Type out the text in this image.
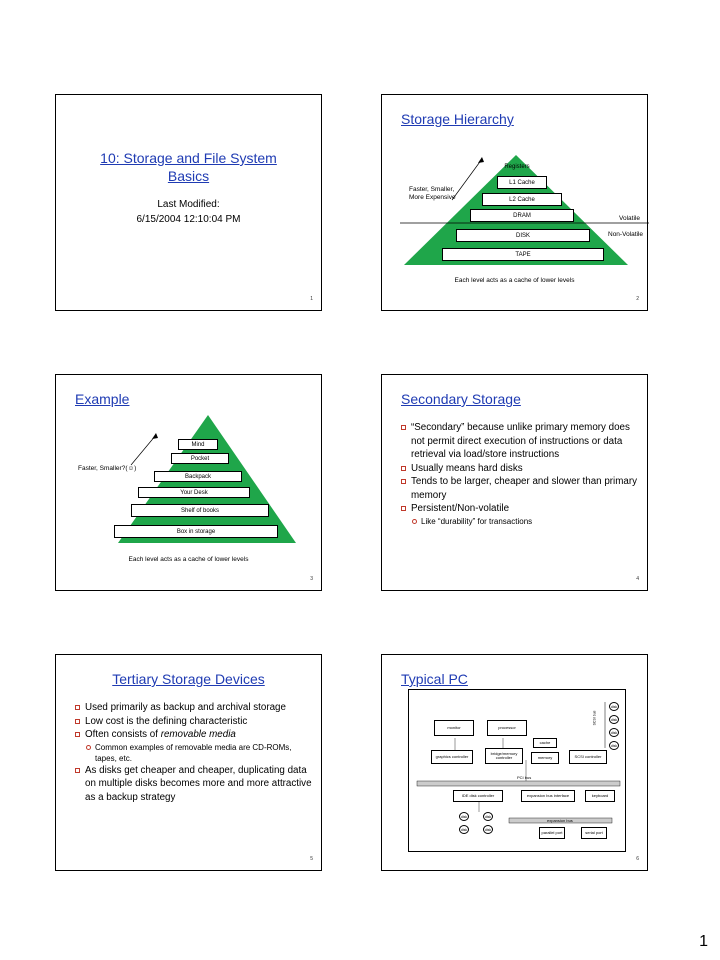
10: Storage and File System
Basics
Last Modified:
6/15/2004 12:10:04 PM
1
Storage Hierarchy
Registers
L1 Cache
L2 Cache
DRAM
DISK
TAPE
Faster, Smaller,
More Expensive
Volatile
Non-Volatile
Each level acts as a cache of lower levels
2
Example
Mind
Pocket
Backpack
Your Desk
Shelf of books
Box in storage
Faster, Smaller?(☺)
Each level acts as a cache of lower levels
3
Secondary Storage
“Secondary” because unlike primary memory does not permit direct execution of instructions or data retrieval via load/store instructions
Usually means hard disks
Tends to be larger, cheaper and slower than primary memory
Persistent/Non-volatile
Like “durability” for transactions
4
Tertiary Storage Devices
Used primarily as backup and archival storage
Low cost is the defining characteristic
Often consists of removable media
Common examples of removable media are CD-ROMs, tapes, etc.
As disks get cheaper and cheaper, duplicating data on multiple disks becomes more and more attractive as a backup strategy
5
Typical PC
monitor	processor
cache
graphics controller
bridge/memory controller	memory	SCSI controller
SCSI bus
disk
disk
disk
disk
PCI bus
IDE disk controller	expansion bus interface	keyboard
expansion bus
disk	disk
disk	disk	parallel port	serial port
6
1
